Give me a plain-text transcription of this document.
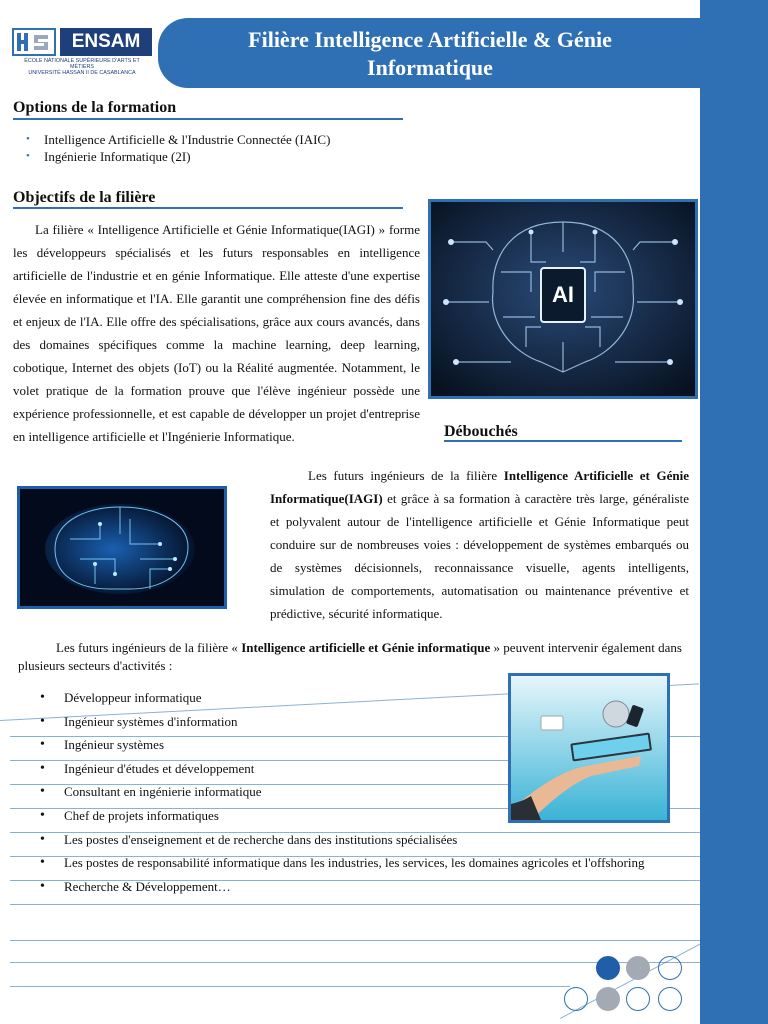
Filière Intelligence Artificielle & Génie
Informatique
ENSAM
ÉCOLE NATIONALE SUPÉRIEURE D'ARTS ET MÉTIERS
UNIVERSITÉ HASSAN II DE CASABLANCA
Options de la formation
• Intelligence Artificielle & l'Industrie Connectée (IAIC)
• Ingénierie Informatique (2I)
Objectifs de la filière
La filière « Intelligence Artificielle et Génie Informatique(IAGI) » forme les développeurs spécialisés et les futurs responsables en intelligence artificielle de l'industrie et en génie Informatique. Elle atteste d'une expertise élevée en informatique et l'IA. Elle garantit une compréhension fine des défis et enjeux de l'IA. Elle offre des spécialisations, grâce aux cours avancés, dans des domaines spécifiques comme la machine learning, deep learning, cobotique, Internet des objets (IoT) ou la Réalité augmentée. Notamment, le volet pratique de la formation prouve que l'élève ingénieur possède une expérience professionnelle, et est capable de développer un projet d'entreprise en intelligence artificielle et l'Ingénierie Informatique.
AI
Débouchés
Les futurs ingénieurs de la filière Intelligence Artificielle et Génie Informatique(IAGI) et grâce à sa formation à caractère très large, généraliste et polyvalent autour de l'intelligence artificielle et Génie Informatique peut conduire sur de nombreuses voies : développement de systèmes embarqués ou de systèmes décisionnels, reconnaissance visuelle, agents intelligents, simulation de comportements, automatisation ou maintenance préventive et prédictive, sécurité informatique.
Les futurs ingénieurs de la filière « Intelligence artificielle et Génie informatique » peuvent intervenir également dans plusieurs secteurs d'activités :
• Développeur informatique
• Ingénieur systèmes d'information
• Ingénieur systèmes
• Ingénieur d'études et développement
• Consultant en ingénierie informatique
• Chef de projets informatiques
• Les postes d'enseignement et de recherche dans des institutions spécialisées
• Les postes de responsabilité informatique dans les industries, les services, les domaines agricoles et l'offshoring
• Recherche & Développement…
